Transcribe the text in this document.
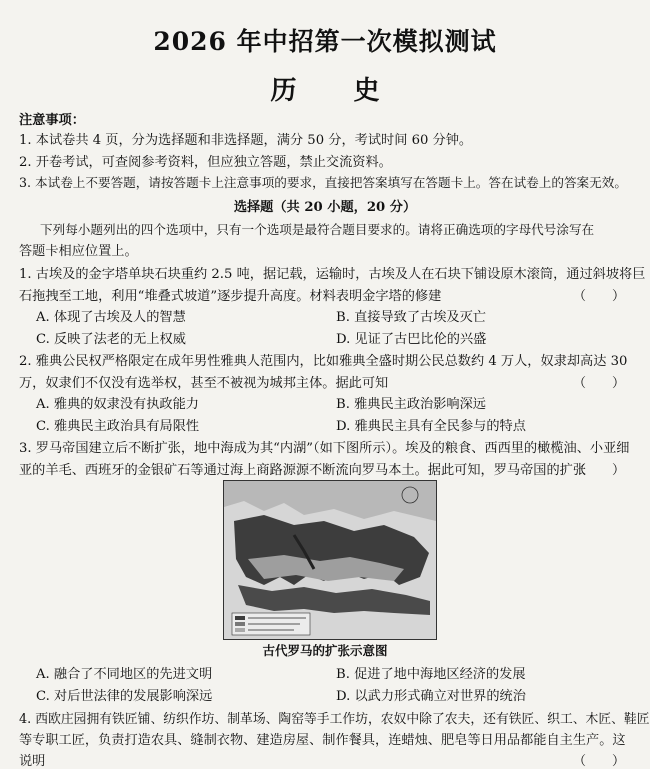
2026 年中招第一次模拟测试
历 史
注意事项：
1. 本试卷共 4 页，分为选择题和非选择题，满分 50 分，考试时间 60 分钟。
2. 开卷考试，可查阅参考资料，但应独立答题，禁止交流资料。
3. 本试卷上不要答题，请按答题卡上注意事项的要求，直接把答案填写在答题卡上。答在试卷上的答案无效。
选择题（共 20 小题，20 分）
下列每小题列出的四个选项中，只有一个选项是最符合题目要求的。请将正确选项的字母代号涂写在
答题卡相应位置上。
1. 古埃及的金字塔单块石块重约 2.5 吨，据记载，运输时，古埃及人在石块下铺设原木滚筒，通过斜坡将巨
石拖拽至工地，利用“堆叠式坡道”逐步提升高度。材料表明金字塔的修建	（　　）
A. 体现了古埃及人的智慧	B. 直接导致了古埃及灭亡
C. 反映了法老的无上权威	D. 见证了古巴比伦的兴盛
2. 雅典公民权严格限定在成年男性雅典人范围内，比如雅典全盛时期公民总数约 4 万人，奴隶却高达 30
万，奴隶们不仅没有选举权，甚至不被视为城邦主体。据此可知	（　　）
A. 雅典的奴隶没有执政能力	B. 雅典民主政治影响深远
C. 雅典民主政治具有局限性	D. 雅典民主具有全民参与的特点
3. 罗马帝国建立后不断扩张，地中海成为其“内湖”（如下图所示）。埃及的粮食、西西里的橄榄油、小亚细
亚的羊毛、西班牙的金银矿石等通过海上商路源源不断流向罗马本土。据此可知，罗马帝国的扩张
（　　）
古代罗马的扩张示意图
A. 融合了不同地区的先进文明	B. 促进了地中海地区经济的发展
C. 对后世法律的发展影响深远	D. 以武力形式确立对世界的统治
4. 西欧庄园拥有铁匠铺、纺织作坊、制革场、陶窑等手工作坊，农奴中除了农夫，还有铁匠、织工、木匠、鞋匠
等专职工匠，负责打造农具、缝制衣物、建造房屋、制作餐具，连蜡烛、肥皂等日用品都能自主生产。这
说明	（　　）
